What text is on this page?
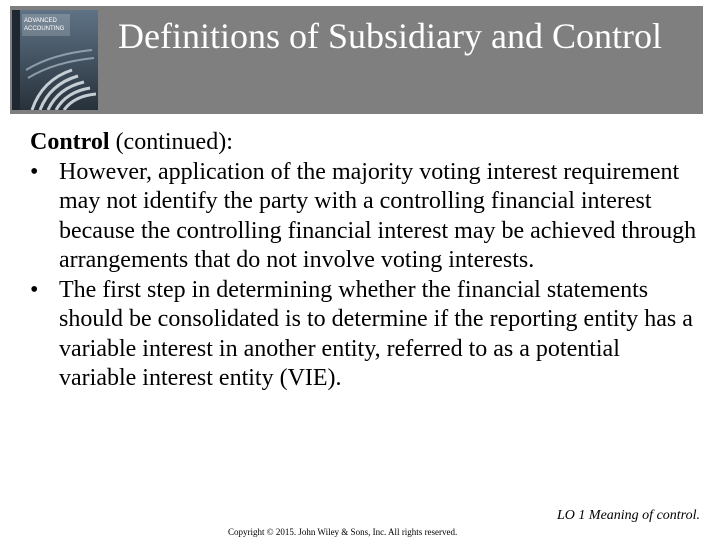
ADVANCED
ACCOUNTING Definitions of Subsidiary and Control

Control (continued):

• However, application of the majority voting interest requirement may not identify the party with a controlling financial interest because the controlling financial interest may be achieved through arrangements that do not involve voting interests.
• The first step in determining whether the financial statements should be consolidated is to determine if the reporting entity has a variable interest in another entity, referred to as a potential variable interest entity (VIE).
LO 1 Meaning of control.
Copyright © 2015. John Wiley & Sons, Inc. All rights reserved.
